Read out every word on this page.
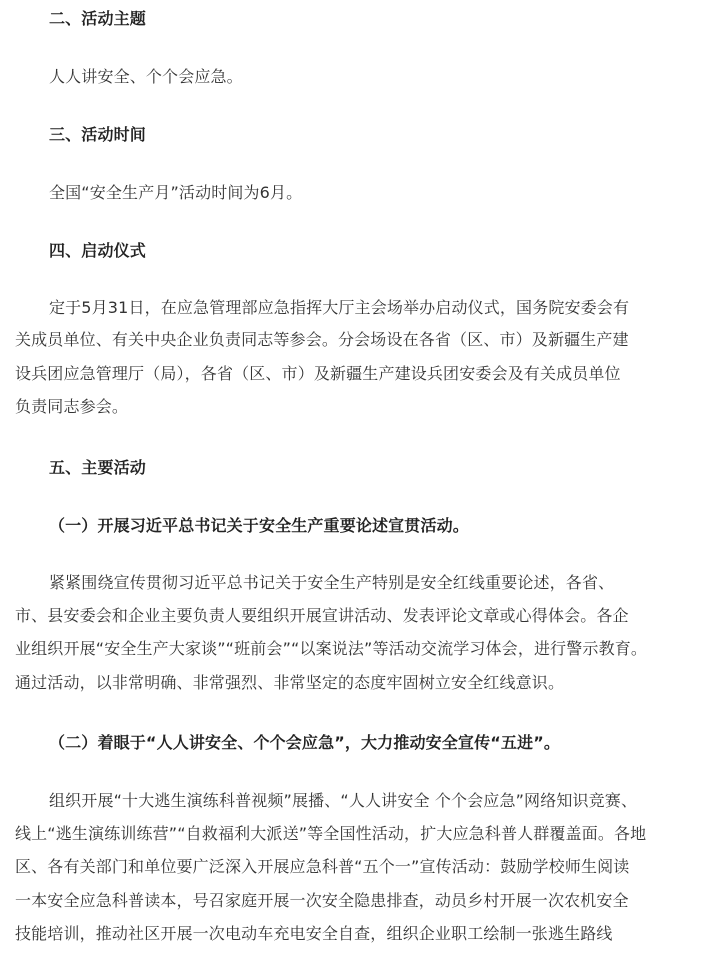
二、活动主题
人人讲安全、个个会应急。
三、活动时间
全国“安全生产月”活动时间为6月。
四、启动仪式
定于5月31日，在应急管理部应急指挥大厅主会场举办启动仪式，国务院安委会有
关成员单位、有关中央企业负责同志等参会。分会场设在各省（区、市）及新疆生产建
设兵团应急管理厅（局），各省（区、市）及新疆生产建设兵团安委会及有关成员单位
负责同志参会。
五、主要活动
（一）开展习近平总书记关于安全生产重要论述宣贯活动。
紧紧围绕宣传贯彻习近平总书记关于安全生产特别是安全红线重要论述，各省、
市、县安委会和企业主要负责人要组织开展宣讲活动、发表评论文章或心得体会。各企
业组织开展“安全生产大家谈”“班前会”“以案说法”等活动交流学习体会，进行警示教育。
通过活动，以非常明确、非常强烈、非常坚定的态度牢固树立安全红线意识。
（二）着眼于“人人讲安全、个个会应急”，大力推动安全宣传“五进”。
组织开展“十大逃生演练科普视频”展播、“人人讲安全 个个会应急”网络知识竞赛、
线上“逃生演练训练营”“自救福利大派送”等全国性活动，扩大应急科普人群覆盖面。各地
区、各有关部门和单位要广泛深入开展应急科普“五个一”宣传活动：鼓励学校师生阅读
一本安全应急科普读本，号召家庭开展一次安全隐患排查，动员乡村开展一次农机安全
技能培训，推动社区开展一次电动车充电安全自查，组织企业职工绘制一张逃生路线
